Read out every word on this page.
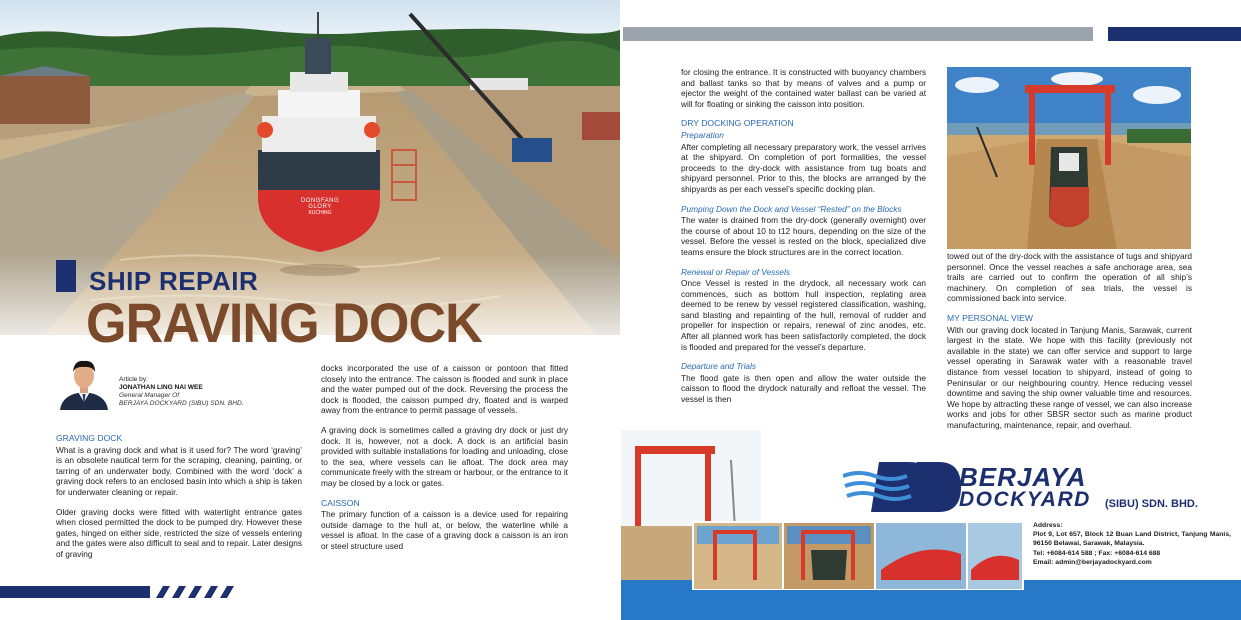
DONGFANG GLORY
KUCHING
SHIP REPAIR
GRAVING DOCK
Article by:
JONATHAN LING NAI WEE
General Manager Of
BERJAYA DOCKYARD (SIBU) SDN. BHD.
GRAVING DOCK

What is a graving dock and what is it used for? The word ‘graving’ is an obsolete nautical term for the scraping, cleaning, painting, or tarring of an underwater body. Combined with the word ‘dock’ a graving dock refers to an enclosed basin into which a ship is taken for underwater cleaning or repair.

Older graving docks were fitted with watertight entrance gates when closed permitted the dock to be pumped dry. However these gates, hinged on either side, restricted the size of vessels entering and the gates were also difficult to seal and to repair. Later designs of graving

docks incorporated the use of a caisson or pontoon that fitted closely into the entrance. The caisson is flooded and sunk in place and the water pumped out of the dock. Reversing the process the dock is flooded, the caisson pumped dry, floated and is warped away from the entrance to permit passage of vessels.

A graving dock is sometimes called a graving dry dock or just dry dock. It is, however, not a dock. A dock is an artificial basin provided with suitable installations for loading and unloading, close to the sea, where vessels can lie afloat. The dock area may communicate freely with the stream or harbour, or the entrance to it may be closed by a lock or gates.

CAISSON

The primary function of a caisson is a device used for repairing outside damage to the hull at, or below, the waterline while a vessel is afloat. In the case of a graving dock a caisson is an iron or steel structure used

for closing the entrance. It is constructed with buoyancy chambers and ballast tanks so that by means of valves and a pump or ejector the weight of the contained water ballast can be varied at will for floating or sinking the caisson into position.

DRY DOCKING OPERATION
Preparation

After completing all necessary preparatory work, the vessel arrives at the shipyard. On completion of port formalities, the vessel proceeds to the dry-dock with assistance from tug boats and shipyard personnel. Prior to this, the blocks are arranged by the shipyards as per each vessel’s specific docking plan.

Pumping Down the Dock and Vessel “Rested” on the Blocks

The water is drained from the dry-dock (generally overnight) over the course of about 10 to t12 hours, depending on the size of the vessel. Before the vessel is rested on the block, specialized dive teams ensure the block structures are in the correct location.

Renewal or Repair of Vessels

Once Vessel is rested in the drydock, all necessary work can commences, such as bottom hull inspection, replating area deemed to be renew by vessel registered classification, washing, sand blasting and repainting of the hull, removal of rudder and propeller for inspection or repairs, renewal of zinc anodes, etc. After all planned work has been satisfactorily completed, the dock is flooded and prepared for the vessel’s departure.

Departure and Trials

The flood gate is then open and allow the water outside the caisson to flood the drydock naturally and refloat the vessel. The vessel is then

towed out of the dry-dock with the assistance of tugs and shipyard personnel. Once the vessel reaches a safe anchorage area, sea trails are carried out to confirm the operation of all ship’s machinery. On completion of sea trials, the vessel is commissioned back into service.

MY PERSONAL VIEW

With our graving dock located in Tanjung Manis, Sarawak, current largest in the state. We hope with this facility (previously not available in the state) we can offer service and support to large vessel operating in Sarawak water with a reasonable travel distance from vessel location to shipyard, instead of going to Peninsular or our neighbouring country. Hence reducing vessel downtime and saving the ship owner valuable time and resources. We hope by attracting these range of vessel, we can also increase works and jobs for other SBSR sector such as marine product manufacturing, maintenance, repair, and overhaul.

BERJAYA
DOCKYARD (SIBU) SDN. BHD.
Address:
Plot 9, Lot 657, Block 12 Buan Land District, Tanjung Manis, 96150 Belawai, Sarawak, Malaysia.
Tel: +6084-614 588 ; Fax: +6084-614 688
Email: admin@berjayadockyard.com
